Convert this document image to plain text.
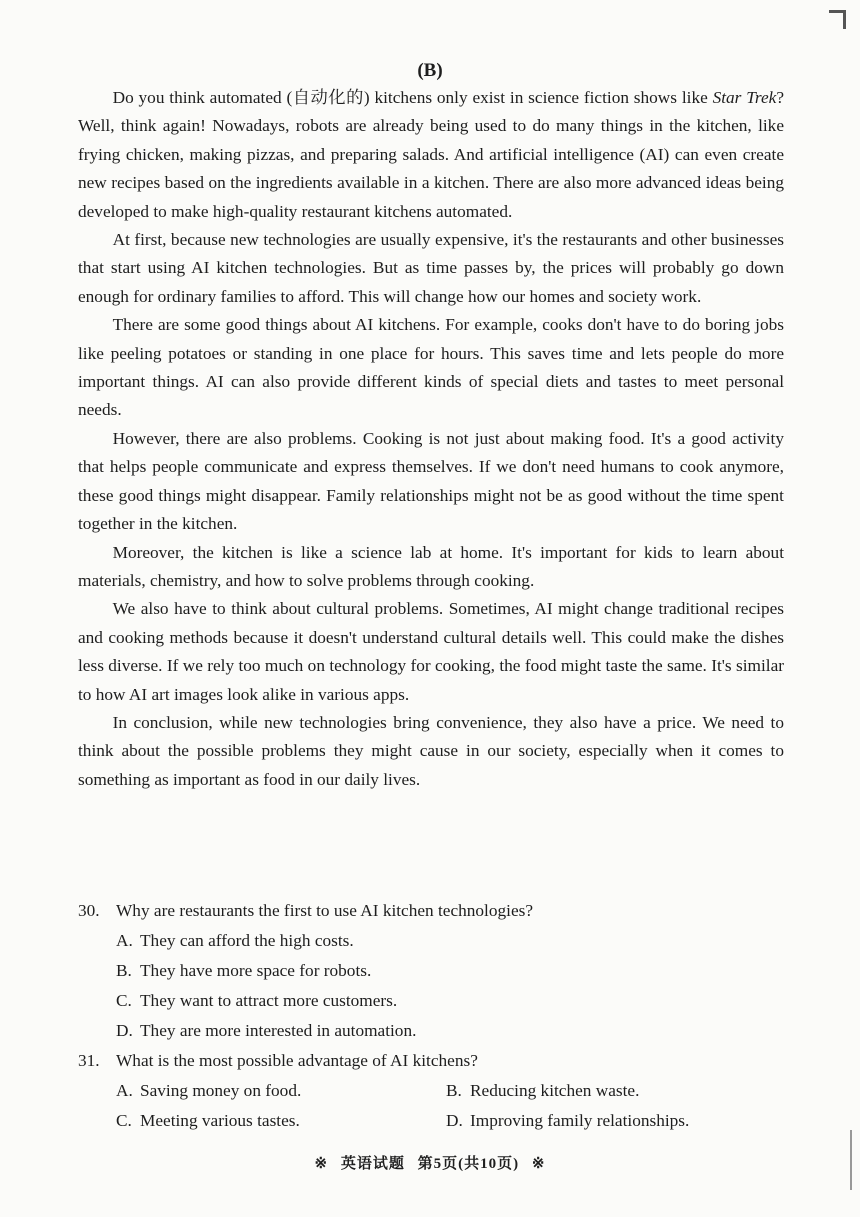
(B)

Do you think automated (自动化的) kitchens only exist in science fiction shows like Star Trek? Well, think again! Nowadays, robots are already being used to do many things in the kitchen, like frying chicken, making pizzas, and preparing salads. And artificial intelligence (AI) can even create new recipes based on the ingredients available in a kitchen. There are also more advanced ideas being developed to make high-quality restaurant kitchens automated.

At first, because new technologies are usually expensive, it's the restaurants and other businesses that start using AI kitchen technologies. But as time passes by, the prices will probably go down enough for ordinary families to afford. This will change how our homes and society work.

There are some good things about AI kitchens. For example, cooks don't have to do boring jobs like peeling potatoes or standing in one place for hours. This saves time and lets people do more important things. AI can also provide different kinds of special diets and tastes to meet personal needs.

However, there are also problems. Cooking is not just about making food. It's a good activity that helps people communicate and express themselves. If we don't need humans to cook anymore, these good things might disappear. Family relationships might not be as good without the time spent together in the kitchen.

Moreover, the kitchen is like a science lab at home. It's important for kids to learn about materials, chemistry, and how to solve problems through cooking.

We also have to think about cultural problems. Sometimes, AI might change traditional recipes and cooking methods because it doesn't understand cultural details well. This could make the dishes less diverse. If we rely too much on technology for cooking, the food might taste the same. It's similar to how AI art images look alike in various apps.

In conclusion, while new technologies bring convenience, they also have a price. We need to think about the possible problems they might cause in our society, especially when it comes to something as important as food in our daily lives.

30. Why are restaurants the first to use AI kitchen technologies?
A. They can afford the high costs.
B. They have more space for robots.
C. They want to attract more customers.
D. They are more interested in automation.
31. What is the most possible advantage of AI kitchens?
A. Saving money on food.	B. Reducing kitchen waste.
C. Meeting various tastes.	D. Improving family relationships.
※ 英语试题 第5页(共10页) ※
